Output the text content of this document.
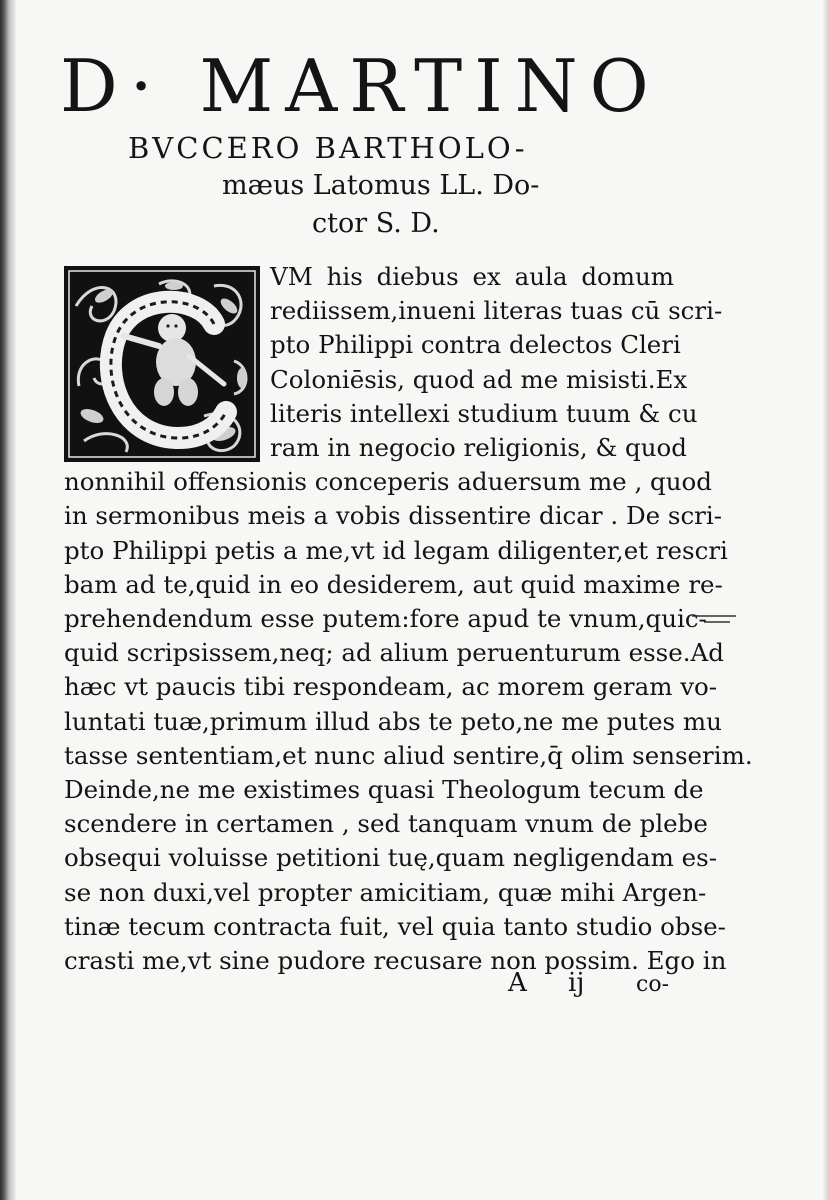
D· MARTINO
BVCCERO BARTHOLO-
mæus Latomus LL. Do-
ctor S. D.
VM his diebus ex aula domum
rediissem,inueni literas tuas cū scri-
pto Philippi contra delectos Cleri
Coloniēsis, quod ad me misisti.Ex
literis intellexi studium tuum & cu
ram in negocio religionis, & quod
nonnihil offensionis conceperis aduersum me , quod
in sermonibus meis a vobis dissentire dicar . De scri-
pto Philippi petis a me,vt id legam diligenter,et rescri
bam ad te,quid in eo desiderem, aut quid maxime re-
prehendendum esse putem:fore apud te vnum,quic-
quid scripsissem,neq; ad alium peruenturum esse.Ad
hæc vt paucis tibi respondeam, ac morem geram vo-
luntati tuæ,primum illud abs te peto,ne me putes mu
tasse sententiam,et nunc aliud sentire,q̄ olim senserim.
Deinde,ne me existimes quasi Theologum tecum de
scendere in certamen , sed tanquam vnum de plebe
obsequi voluisse petitioni tuę,quam negligendam es-
se non duxi,vel propter amicitiam, quæ mihi Argen-
tinæ tecum contracta fuit, vel quia tanto studio obse-
crasti me,vt sine pudore recusare non possim. Ego in
A ij co-
